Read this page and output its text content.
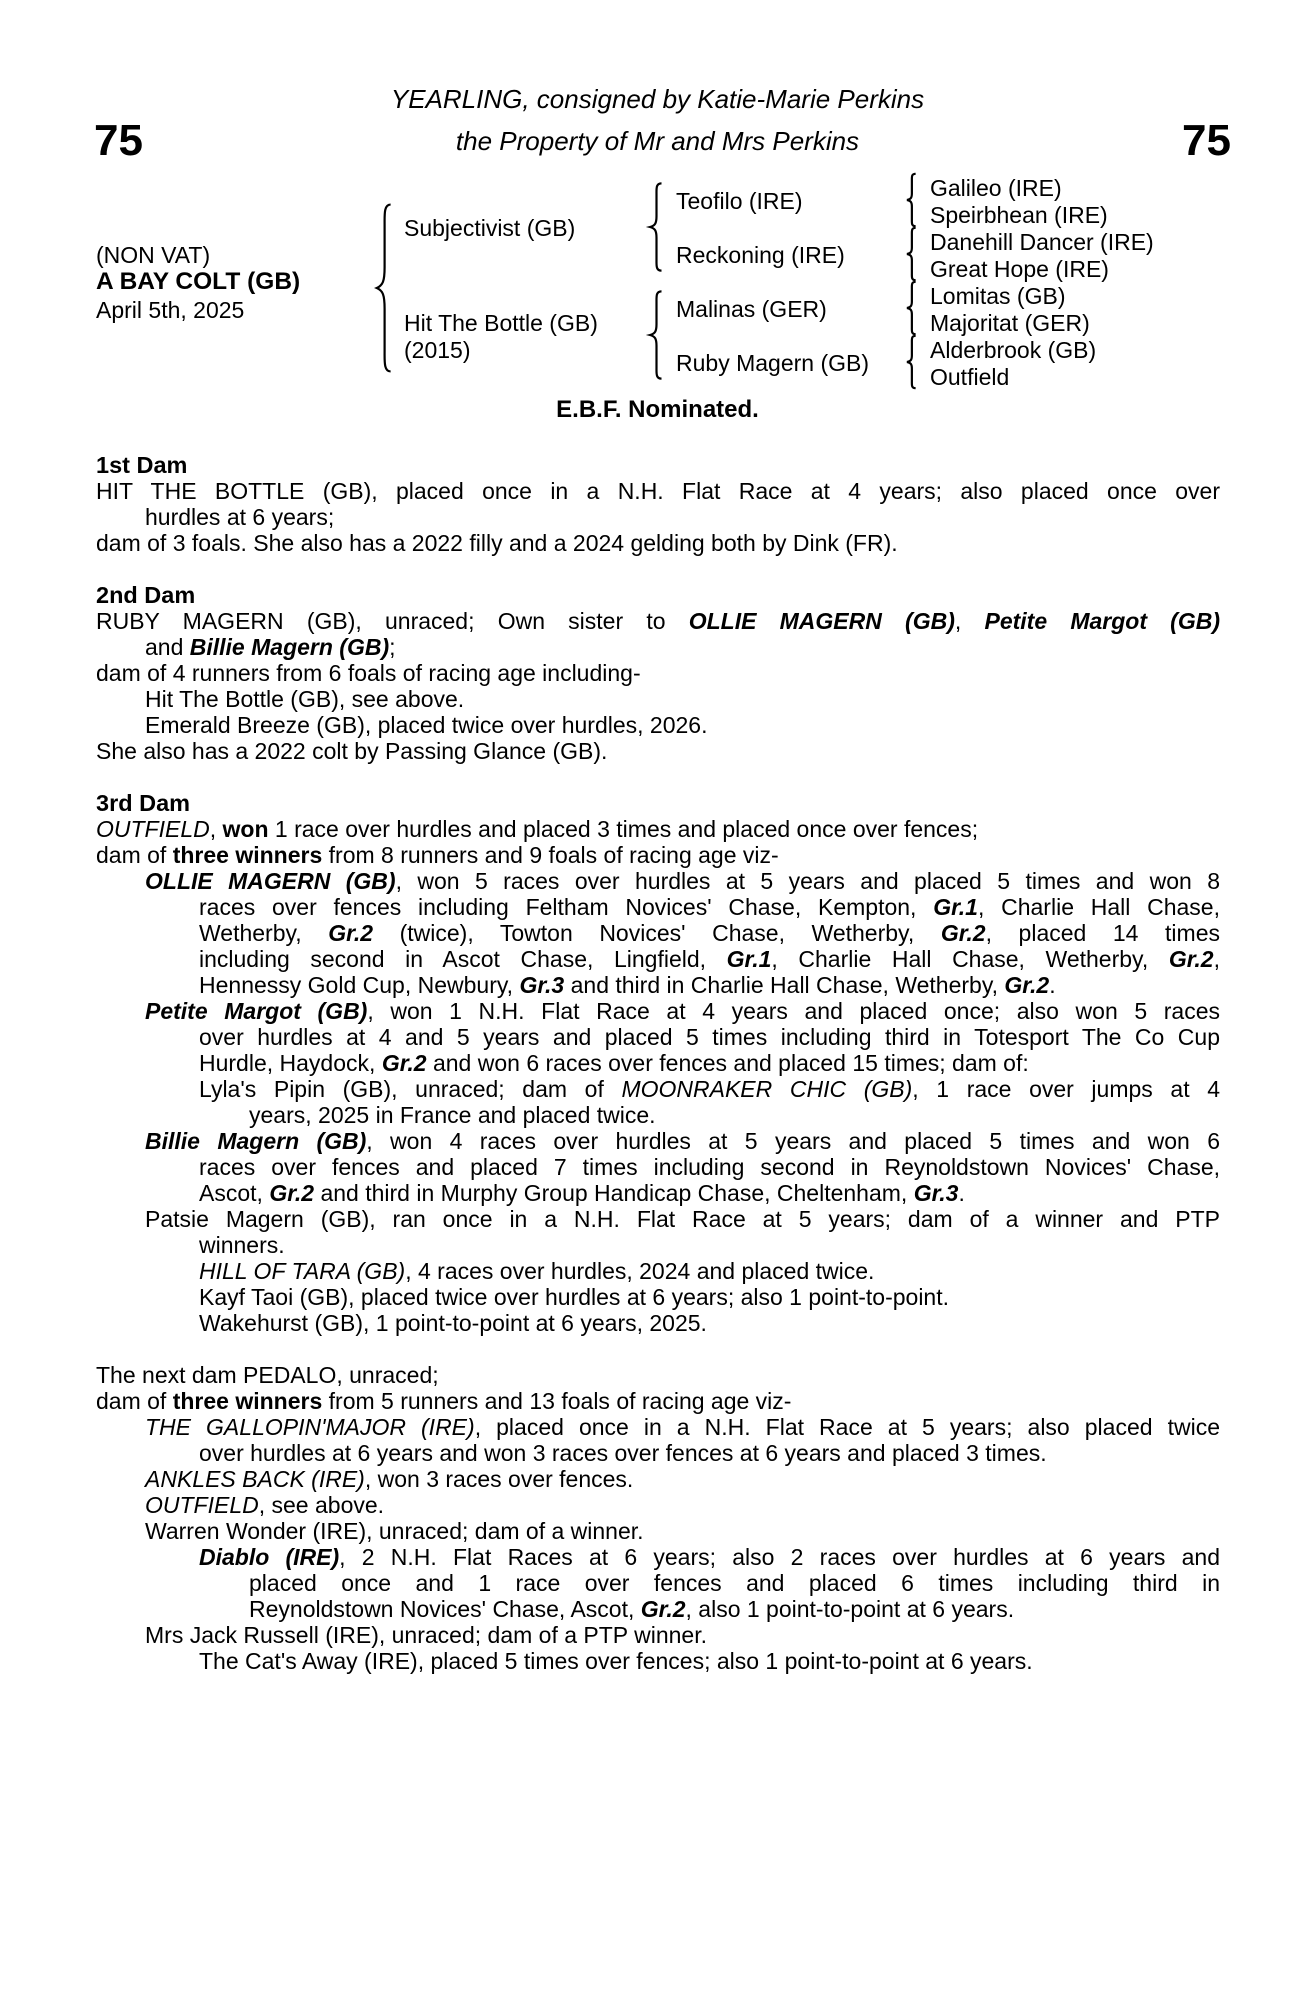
75	75
YEARLING, consigned by Katie-Marie Perkins
the Property of Mr and Mrs Perkins
(NON VAT)
A BAY COLT (GB)
April 5th, 2025
Subjectivist (GB)
Hit The Bottle (GB)
(2015)
Teofilo (IRE)
Reckoning (IRE)
Malinas (GER)
Ruby Magern (GB)
Galileo (IRE)
Speirbhean (IRE)
Danehill Dancer (IRE)
Great Hope (IRE)
Lomitas (GB)
Majoritat (GER)
Alderbrook (GB)
Outfield
E.B.F. Nominated.
1st Dam
HIT THE BOTTLE (GB), placed once in a N.H. Flat Race at 4 years; also placed once over
hurdles at 6 years;
dam of 3 foals. She also has a 2022 filly and a 2024 gelding both by Dink (FR).
2nd Dam
RUBY MAGERN (GB), unraced; Own sister to OLLIE MAGERN (GB), Petite Margot (GB)
and Billie Magern (GB);
dam of 4 runners from 6 foals of racing age including-
Hit The Bottle (GB), see above.
Emerald Breeze (GB), placed twice over hurdles, 2026.
She also has a 2022 colt by Passing Glance (GB).
3rd Dam
OUTFIELD, won 1 race over hurdles and placed 3 times and placed once over fences;
dam of three winners from 8 runners and 9 foals of racing age viz-
OLLIE MAGERN (GB), won 5 races over hurdles at 5 years and placed 5 times and won 8
races over fences including Feltham Novices' Chase, Kempton, Gr.1, Charlie Hall Chase,
Wetherby, Gr.2 (twice), Towton Novices' Chase, Wetherby, Gr.2, placed 14 times
including second in Ascot Chase, Lingfield, Gr.1, Charlie Hall Chase, Wetherby, Gr.2,
Hennessy Gold Cup, Newbury, Gr.3 and third in Charlie Hall Chase, Wetherby, Gr.2.
Petite Margot (GB), won 1 N.H. Flat Race at 4 years and placed once; also won 5 races
over hurdles at 4 and 5 years and placed 5 times including third in Totesport The Co Cup
Hurdle, Haydock, Gr.2 and won 6 races over fences and placed 15 times; dam of:
Lyla's Pipin (GB), unraced; dam of MOONRAKER CHIC (GB), 1 race over jumps at 4
years, 2025 in France and placed twice.
Billie Magern (GB), won 4 races over hurdles at 5 years and placed 5 times and won 6
races over fences and placed 7 times including second in Reynoldstown Novices' Chase,
Ascot, Gr.2 and third in Murphy Group Handicap Chase, Cheltenham, Gr.3.
Patsie Magern (GB), ran once in a N.H. Flat Race at 5 years; dam of a winner and PTP
winners.
HILL OF TARA (GB), 4 races over hurdles, 2024 and placed twice.
Kayf Taoi (GB), placed twice over hurdles at 6 years; also 1 point-to-point.
Wakehurst (GB), 1 point-to-point at 6 years, 2025.
The next dam PEDALO, unraced;
dam of three winners from 5 runners and 13 foals of racing age viz-
THE GALLOPIN'MAJOR (IRE), placed once in a N.H. Flat Race at 5 years; also placed twice
over hurdles at 6 years and won 3 races over fences at 6 years and placed 3 times.
ANKLES BACK (IRE), won 3 races over fences.
OUTFIELD, see above.
Warren Wonder (IRE), unraced; dam of a winner.
Diablo (IRE), 2 N.H. Flat Races at 6 years; also 2 races over hurdles at 6 years and
placed once and 1 race over fences and placed 6 times including third in
Reynoldstown Novices' Chase, Ascot, Gr.2, also 1 point-to-point at 6 years.
Mrs Jack Russell (IRE), unraced; dam of a PTP winner.
The Cat's Away (IRE), placed 5 times over fences; also 1 point-to-point at 6 years.
